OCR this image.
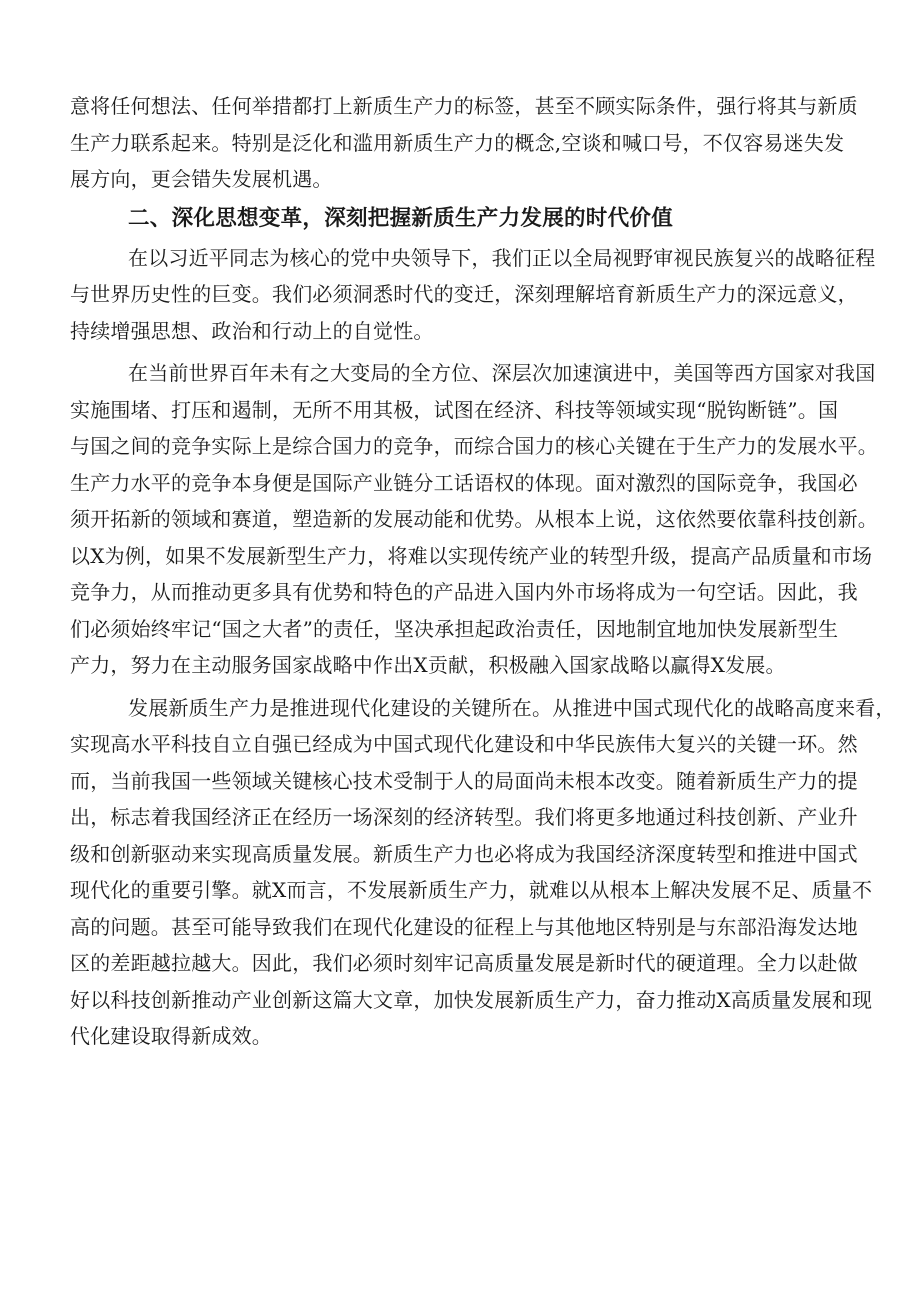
意将任何想法、任何举措都打上新质生产力的标签，甚至不顾实际条件，强行将其与新质
生产力联系起来。特别是泛化和滥用新质生产力的概念,空谈和喊口号，不仅容易迷失发
展方向，更会错失发展机遇。
二、深化思想变革，深刻把握新质生产力发展的时代价值
在以习近平同志为核心的党中央领导下，我们正以全局视野审视民族复兴的战略征程
与世界历史性的巨变。我们必须洞悉时代的变迁，深刻理解培育新质生产力的深远意义，
持续增强思想、政治和行动上的自觉性。
在当前世界百年未有之大变局的全方位、深层次加速演进中，美国等西方国家对我国
实施围堵、打压和遏制，无所不用其极，试图在经济、科技等领域实现“脱钩断链”。国
与国之间的竞争实际上是综合国力的竞争，而综合国力的核心关键在于生产力的发展水平。
生产力水平的竞争本身便是国际产业链分工话语权的体现。面对激烈的国际竞争，我国必
须开拓新的领域和赛道，塑造新的发展动能和优势。从根本上说，这依然要依靠科技创新。
以X为例，如果不发展新型生产力，将难以实现传统产业的转型升级，提高产品质量和市场
竞争力，从而推动更多具有优势和特色的产品进入国内外市场将成为一句空话。因此，我
们必须始终牢记“国之大者”的责任，坚决承担起政治责任，因地制宜地加快发展新型生
产力，努力在主动服务国家战略中作出X贡献，积极融入国家战略以赢得X发展。
发展新质生产力是推进现代化建设的关键所在。从推进中国式现代化的战略高度来看，
实现高水平科技自立自强已经成为中国式现代化建设和中华民族伟大复兴的关键一环。然
而，当前我国一些领域关键核心技术受制于人的局面尚未根本改变。随着新质生产力的提
出，标志着我国经济正在经历一场深刻的经济转型。我们将更多地通过科技创新、产业升
级和创新驱动来实现高质量发展。新质生产力也必将成为我国经济深度转型和推进中国式
现代化的重要引擎。就X而言，不发展新质生产力，就难以从根本上解决发展不足、质量不
高的问题。甚至可能导致我们在现代化建设的征程上与其他地区特别是与东部沿海发达地
区的差距越拉越大。因此，我们必须时刻牢记高质量发展是新时代的硬道理。全力以赴做
好以科技创新推动产业创新这篇大文章，加快发展新质生产力，奋力推动X高质量发展和现
代化建设取得新成效。
